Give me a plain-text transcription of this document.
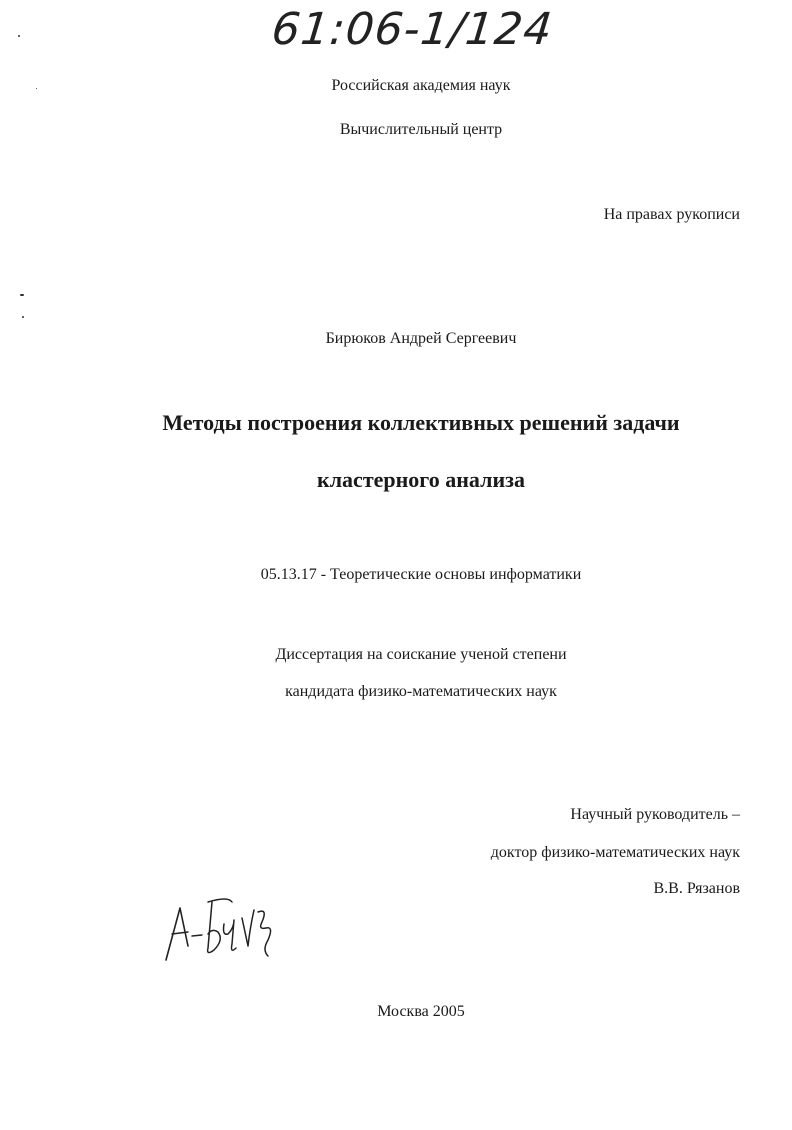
61:06-1/124

Российская академия наук

Вычислительный центр

На правах рукописи

Бирюков Андрей Сергеевич

Методы построения коллективных решений задачи

кластерного анализа

05.13.17 - Теоретические основы информатики

Диссертация на соискание ученой степени

кандидата физико-математических наук

Научный руководитель –

доктор физико-математических наук

В.В. Рязанов

Москва 2005
